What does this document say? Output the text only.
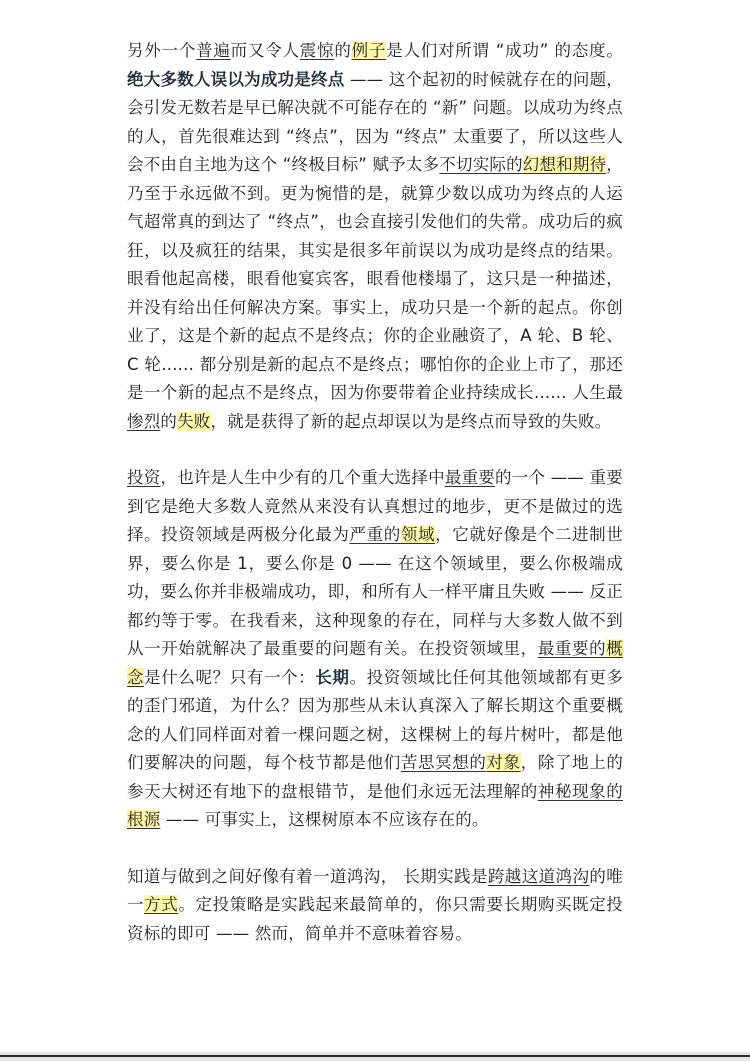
另外一个普遍而又令人震惊的例子是人们对所谓 “成功” 的态度。绝大多数人误以为成功是终点 —— 这个起初的时候就存在的问题，会引发无数若是早已解决就不可能存在的 “新” 问题。以成功为终点的人，首先很难达到 “终点”，因为 “终点” 太重要了，所以这些人会不由自主地为这个 “终极目标” 赋予太多不切实际的幻想和期待，乃至于永远做不到。更为惋惜的是，就算少数以成功为终点的人运气超常真的到达了 “终点”，也会直接引发他们的失常。成功后的疯狂，以及疯狂的结果，其实是很多年前误以为成功是终点的结果。眼看他起高楼，眼看他宴宾客，眼看他楼塌了，这只是一种描述，并没有给出任何解决方案。事实上，成功只是一个新的起点。你创业了，这是个新的起点不是终点；你的企业融资了，A 轮、B 轮、C 轮...... 都分别是新的起点不是终点；哪怕你的企业上市了，那还是一个新的起点不是终点，因为你要带着企业持续成长...... 人生最惨烈的失败，就是获得了新的起点却误以为是终点而导致的失败。

投资，也许是人生中少有的几个重大选择中最重要的一个 —— 重要到它是绝大多数人竟然从来没有认真想过的地步，更不是做过的选择。投资领域是两极分化最为严重的领域，它就好像是个二进制世界，要么你是 1，要么你是 0 —— 在这个领域里，要么你极端成功，要么你并非极端成功，即，和所有人一样平庸且失败 —— 反正都约等于零。在我看来，这种现象的存在，同样与大多数人做不到从一开始就解决了最重要的问题有关。在投资领域里，最重要的概念是什么呢？只有一个：长期。投资领域比任何其他领域都有更多的歪门邪道，为什么？因为那些从未认真深入了解长期这个重要概念的人们同样面对着一棵问题之树，这棵树上的每片树叶，都是他们要解决的问题，每个枝节都是他们苦思冥想的对象，除了地上的参天大树还有地下的盘根错节，是他们永远无法理解的神秘现象的根源 —— 可事实上，这棵树原本不应该存在的。

知道与做到之间好像有着一道鸿沟， 长期实践是跨越这道鸿沟的唯一方式。定投策略是实践起来最简单的，你只需要长期购买既定投资标的即可 —— 然而，简单并不意味着容易。
